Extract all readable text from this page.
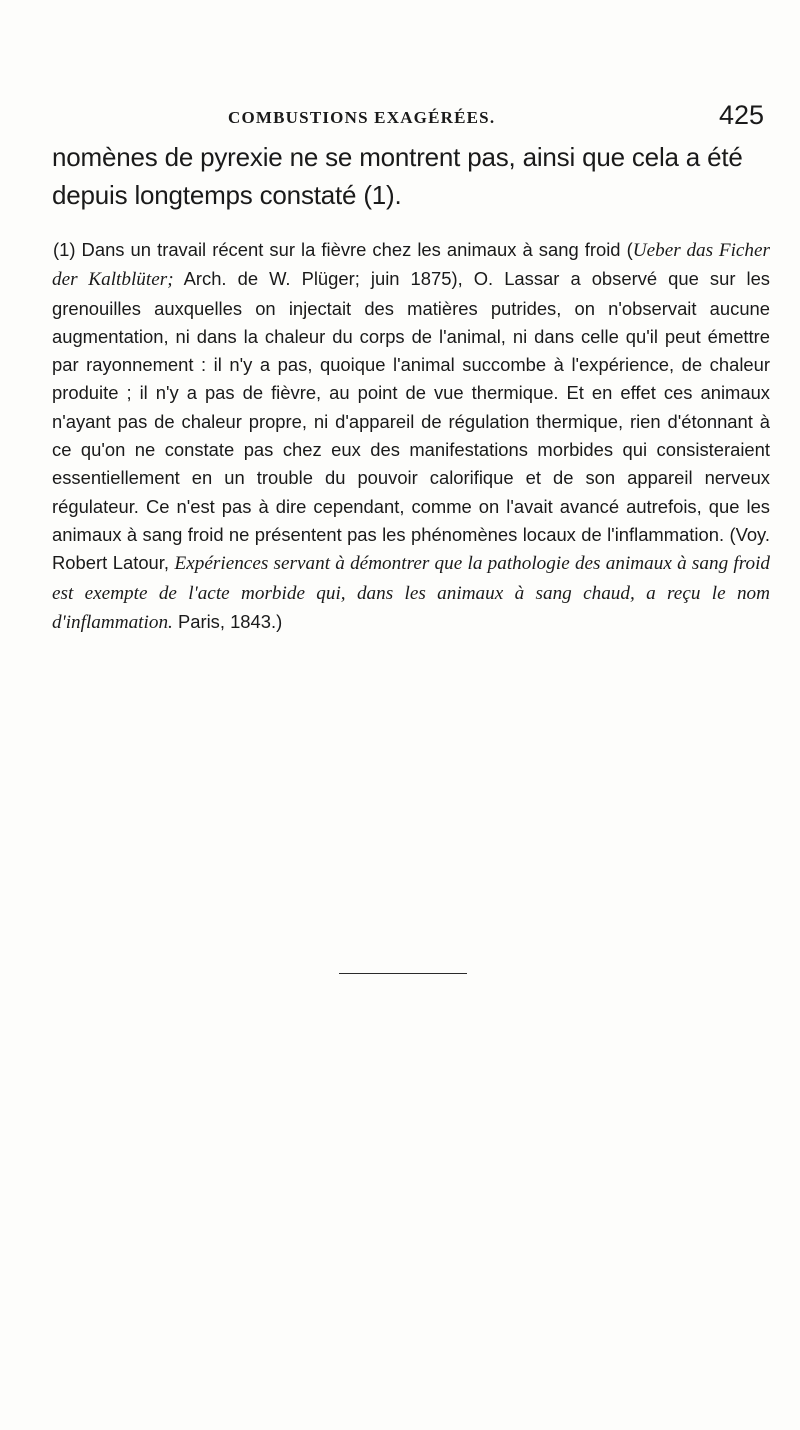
COMBUSTIONS EXAGÉRÉES.	425

nomènes de pyrexie ne se montrent pas, ainsi que cela a été depuis longtemps constaté (1).

(1) Dans un travail récent sur la fièvre chez les animaux à sang froid (Ueber das Ficher der Kaltblüter; Arch. de W. Plüger; juin 1875), O. Lassar a observé que sur les grenouilles auxquelles on injectait des matières putrides, on n'observait aucune augmentation, ni dans la chaleur du corps de l'animal, ni dans celle qu'il peut émettre par rayonnement : il n'y a pas, quoique l'animal succombe à l'expérience, de chaleur produite ; il n'y a pas de fièvre, au point de vue thermique. Et en effet ces animaux n'ayant pas de chaleur propre, ni d'appareil de régulation thermique, rien d'étonnant à ce qu'on ne constate pas chez eux des manifestations morbides qui consisteraient essentiellement en un trouble du pouvoir calorifique et de son appareil nerveux régulateur. Ce n'est pas à dire cependant, comme on l'avait avancé autrefois, que les animaux à sang froid ne présentent pas les phénomènes locaux de l'inflammation. (Voy. Robert Latour, Expériences servant à démontrer que la pathologie des animaux à sang froid est exempte de l'acte morbide qui, dans les animaux à sang chaud, a reçu le nom d'inflammation. Paris, 1843.)
